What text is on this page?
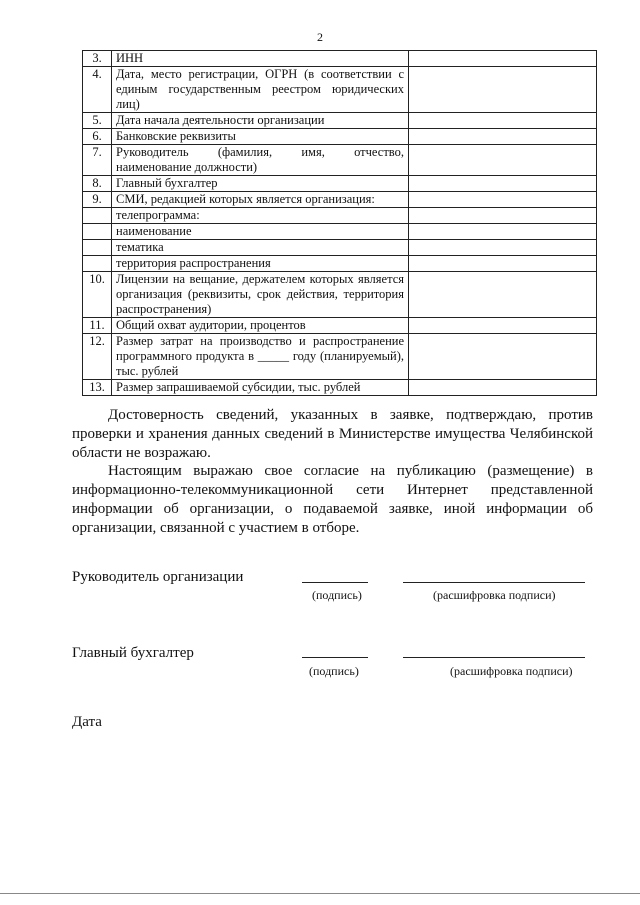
2
3.	ИНН	
4.	Дата, место регистрации, ОГРН (в соответствии с единым государственным реестром юридических лиц)	
5.	Дата начала деятельности организации	
6.	Банковские реквизиты	
7.	Руководитель (фамилия, имя, отчество, наименование должности)	
8.	Главный бухгалтер	
9.	СМИ, редакцией которых является организация:	
	телепрограмма:	
	наименование	
	тематика	
	территория распространения	
10.	Лицензии на вещание, держателем которых является организация (реквизиты, срок действия, территория распространения)	
11.	Общий охват аудитории, процентов	
12.	Размер затрат на производство и распространение программного продукта в _____ году (планируемый), тыс. рублей	
13.	Размер запрашиваемой субсидии, тыс. рублей	

Достоверность сведений, указанных в заявке, подтверждаю, против проверки и хранения данных сведений в Министерстве имущества Челябинской области не возражаю.

Настоящим выражаю свое согласие на публикацию (размещение) в информационно-телекоммуникационной сети Интернет представленной информации об организации, о подаваемой заявке, иной информации об организации, связанной с участием в отборе.

Руководитель организации
(подпись)	(расшифровка подписи)
Главный бухгалтер
(подпись)	(расшифровка подписи)
Дата
